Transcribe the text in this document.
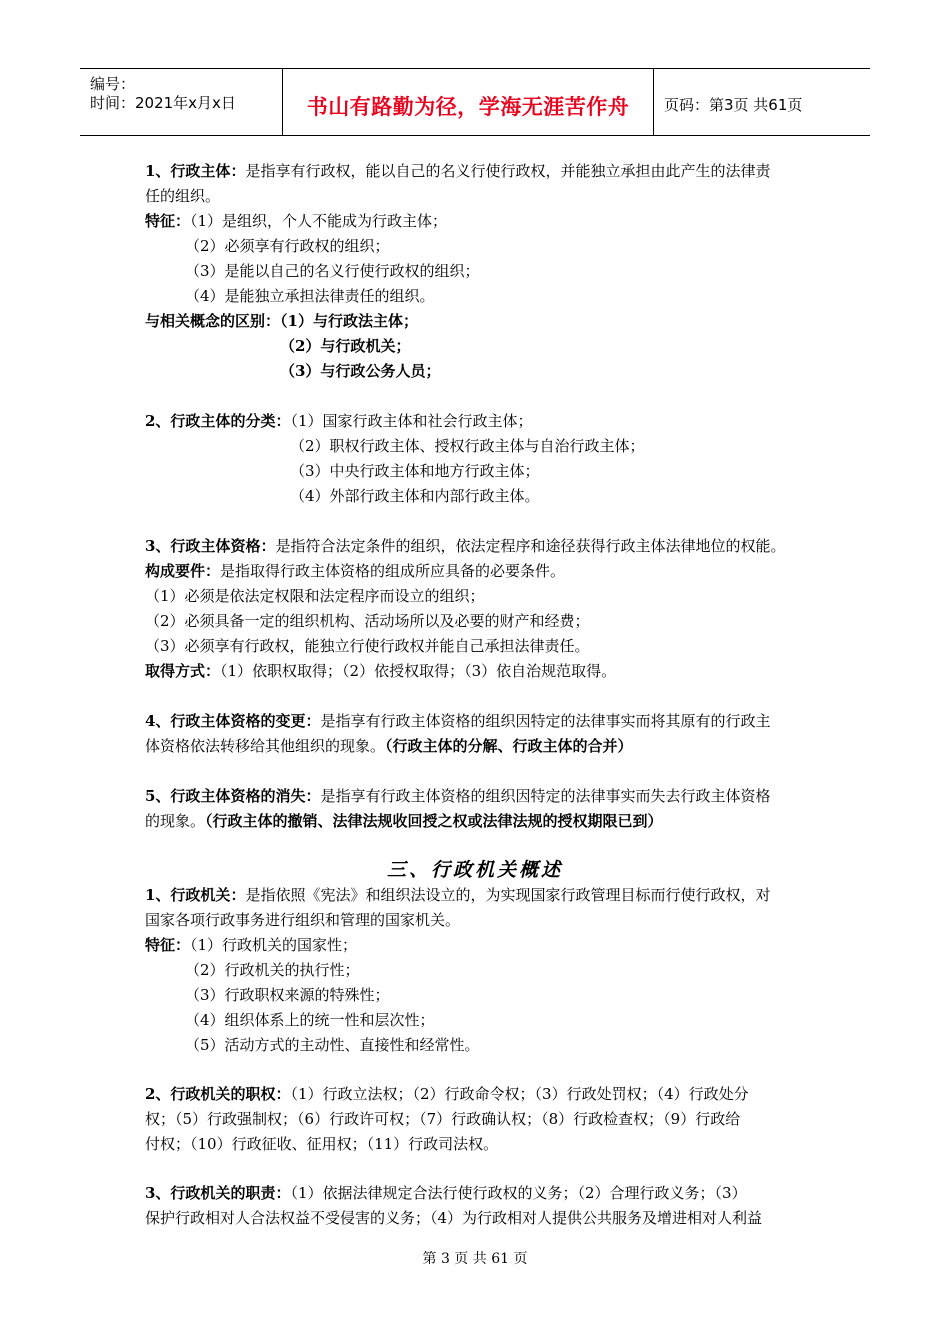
编号：
时间：2021年x月x日	书山有路勤为径，学海无涯苦作舟	页码：第3页 共61页
1、行政主体：是指享有行政权，能以自己的名义行使行政权，并能独立承担由此产生的法律责
任的组织。
特征：（1）是组织，个人不能成为行政主体；
（2）必须享有行政权的组织；
（3）是能以自己的名义行使行政权的组织；
（4）是能独立承担法律责任的组织。
与相关概念的区别：（1）与行政法主体；
（2）与行政机关；
（3）与行政公务人员；
2、行政主体的分类：（1）国家行政主体和社会行政主体；
（2）职权行政主体、授权行政主体与自治行政主体；
（3）中央行政主体和地方行政主体；
（4）外部行政主体和内部行政主体。
3、行政主体资格：是指符合法定条件的组织，依法定程序和途径获得行政主体法律地位的权能。
构成要件：是指取得行政主体资格的组成所应具备的必要条件。
（1）必须是依法定权限和法定程序而设立的组织；
（2）必须具备一定的组织机构、活动场所以及必要的财产和经费；
（3）必须享有行政权，能独立行使行政权并能自己承担法律责任。
取得方式：（1）依职权取得；（2）依授权取得；（3）依自治规范取得。
4、行政主体资格的变更：是指享有行政主体资格的组织因特定的法律事实而将其原有的行政主
体资格依法转移给其他组织的现象。（行政主体的分解、行政主体的合并）
5、行政主体资格的消失：是指享有行政主体资格的组织因特定的法律事实而失去行政主体资格
的现象。（行政主体的撤销、法律法规收回授之权或法律法规的授权期限已到）
三、行政机关概述
1、行政机关：是指依照《宪法》和组织法设立的，为实现国家行政管理目标而行使行政权，对
国家各项行政事务进行组织和管理的国家机关。
特征：（1）行政机关的国家性；
（2）行政机关的执行性；
（3）行政职权来源的特殊性；
（4）组织体系上的统一性和层次性；
（5）活动方式的主动性、直接性和经常性。
2、行政机关的职权：（1）行政立法权；（2）行政命令权；（3）行政处罚权；（4）行政处分
权；（5）行政强制权；（6）行政许可权；（7）行政确认权；（8）行政检查权；（9）行政给
付权；（10）行政征收、征用权；（11）行政司法权。
3、行政机关的职责：（1）依据法律规定合法行使行政权的义务；（2）合理行政义务；（3）
保护行政相对人合法权益不受侵害的义务；（4）为行政相对人提供公共服务及增进相对人利益
第 3 页 共 61 页
